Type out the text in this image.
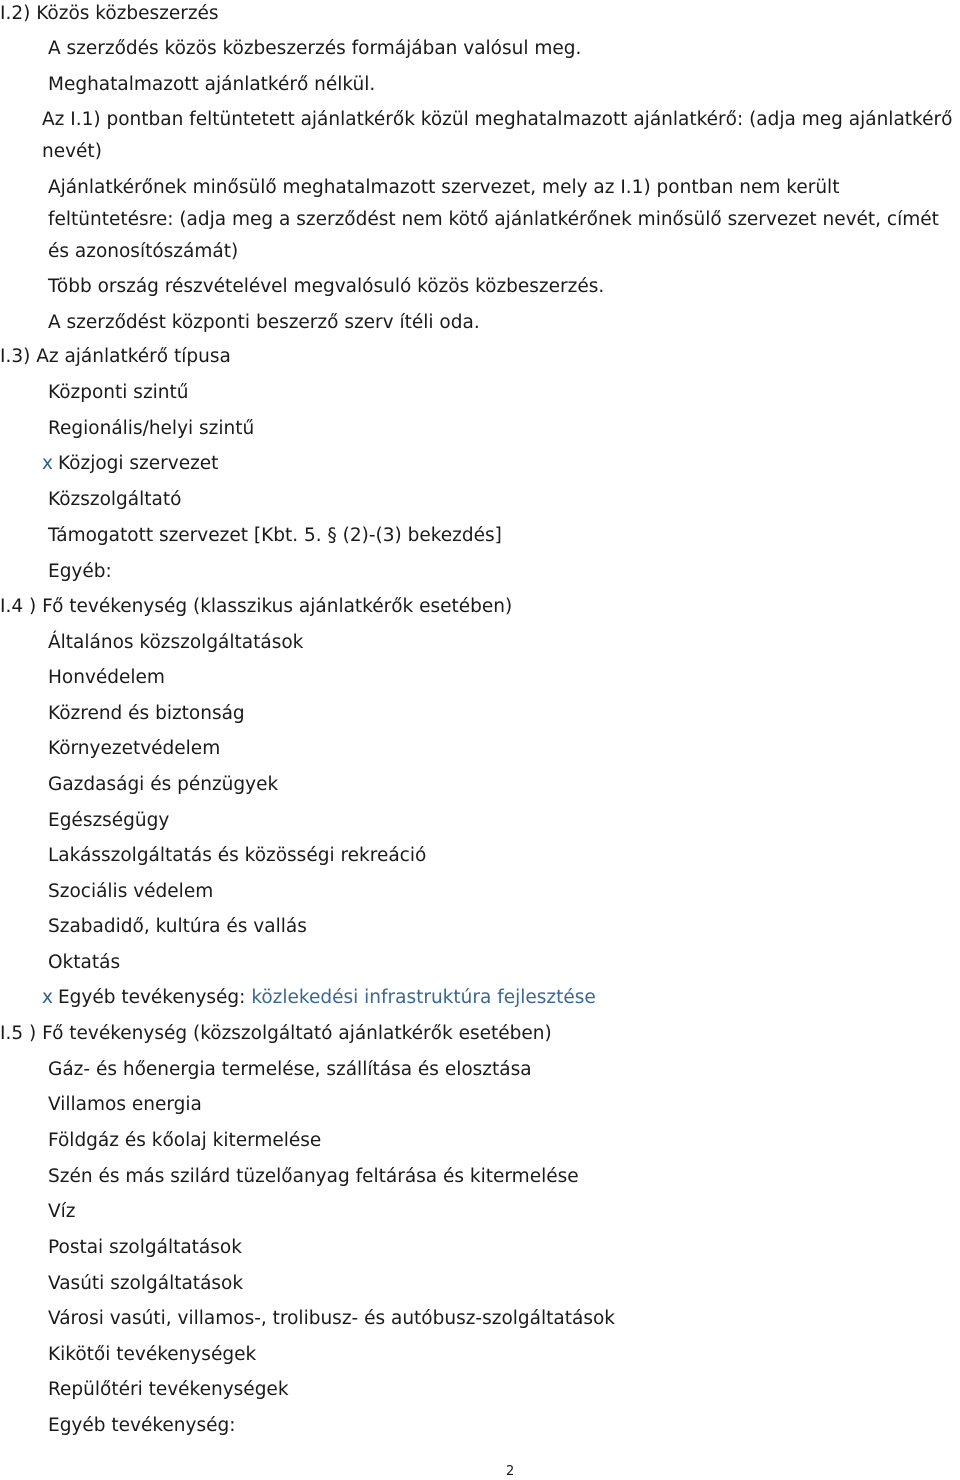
I.2) Közös közbeszerzés
A szerződés közös közbeszerzés formájában valósul meg.
Meghatalmazott ajánlatkérő nélkül.
Az I.1) pontban feltüntetett ajánlatkérők közül meghatalmazott ajánlatkérő: (adja meg ajánlatkérő nevét)
Ajánlatkérőnek minősülő meghatalmazott szervezet, mely az I.1) pontban nem került feltüntetésre: (adja meg a szerződést nem kötő ajánlatkérőnek minősülő szervezet nevét, címét és azonosítószámát)
Több ország részvételével megvalósuló közös közbeszerzés.
A szerződést központi beszerző szerv ítéli oda.
I.3) Az ajánlatkérő típusa
Központi szintű
Regionális/helyi szintű
x Közjogi szervezet
Közszolgáltató
Támogatott szervezet [Kbt. 5. § (2)-(3) bekezdés]
Egyéb:
I.4 ) Fő tevékenység (klasszikus ajánlatkérők esetében)
Általános közszolgáltatások
Honvédelem
Közrend és biztonság
Környezetvédelem
Gazdasági és pénzügyek
Egészségügy
Lakásszolgáltatás és közösségi rekreáció
Szociális védelem
Szabadidő, kultúra és vallás
Oktatás
x Egyéb tevékenység: közlekedési infrastruktúra fejlesztése
I.5 ) Fő tevékenység (közszolgáltató ajánlatkérők esetében)
Gáz- és hőenergia termelése, szállítása és elosztása
Villamos energia
Földgáz és kőolaj kitermelése
Szén és más szilárd tüzelőanyag feltárása és kitermelése
Víz
Postai szolgáltatások
Vasúti szolgáltatások
Városi vasúti, villamos-, trolibusz- és autóbusz-szolgáltatások
Kikötői tevékenységek
Repülőtéri tevékenységek
Egyéb tevékenység:
2
